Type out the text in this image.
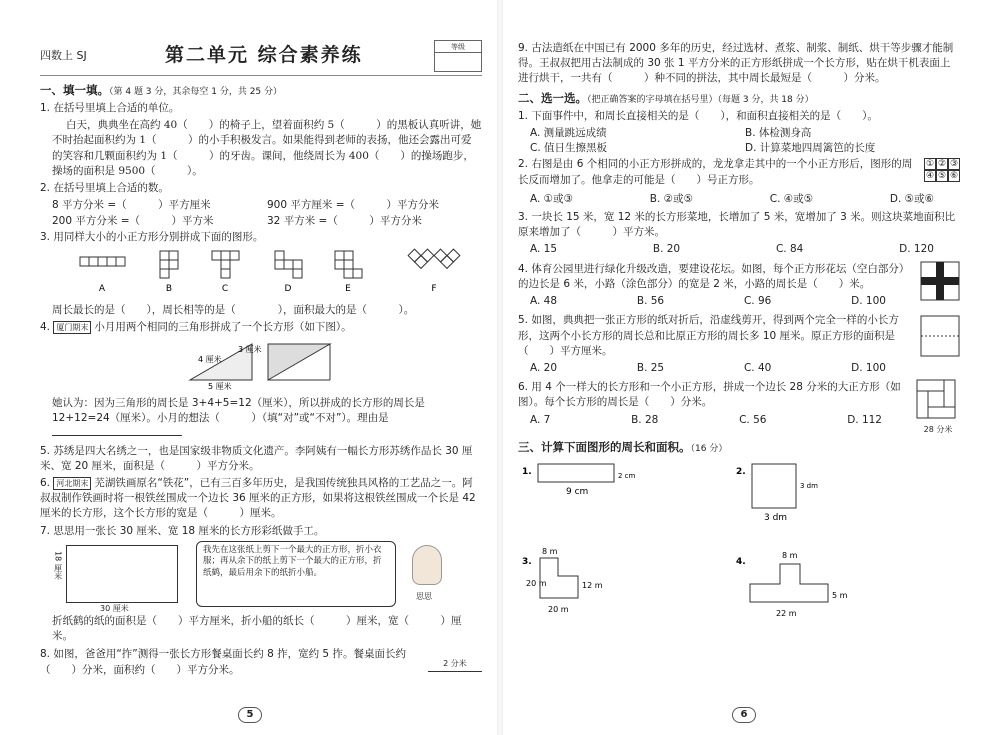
四数上 SJ	第二单元 综合素养练	等级
一、填一填。（第 4 题 3 分，其余每空 1 分，共 25 分）
1. 在括号里填上合适的单位。
白天，典典坐在高约 40（　　）的椅子上，望着面积约 5（　　　）的黑板认真听讲，她不时抬起面积约为 1（　　　）的小手积极发言。如果能得到老师的表扬，他还会露出可爱的笑容和几颗面积约为 1（　　　）的牙齿。课间，他绕周长为 400（　　）的操场跑步，操场的面积是 9500（　　　）。
2. 在括号里填上合适的数。
8 平方分米 =（　　　）平方厘米	900 平方厘米 =（　　　）平方分米
200 平方分米 =（　　　）平方米	32 平方米 =（　　　）平方分米
3. 用同样大小的小正方形分别拼成下面的图形。
A	B	C	D	E	F
周长最长的是（　　），周长相等的是（　　　　），面积最大的是（　　　）。
4. 厦门期末 小月用两个相同的三角形拼成了一个长方形（如下图）。
4 厘米
3 厘米
5 厘米
她认为：因为三角形的周长是 3+4+5=12（厘米），所以拼成的长方形的周长是 12+12=24（厘米）。小月的想法（　　　）（填“对”或“不对”）。理由是
5. 苏绣是四大名绣之一，也是国家级非物质文化遗产。李阿姨有一幅长方形苏绣作品长 30 厘米、宽 20 厘米，面积是（　　　）平方分米。
6. 河北期末 芜湖铁画原名“铁花”，已有三百多年历史，是我国传统独具风格的工艺品之一。阿叔叔制作铁画时将一根铁丝围成一个边长 36 厘米的正方形，如果将这根铁丝围成一个长是 42 厘米的长方形，这个长方形的宽是（　　　）厘米。
7. 思思用一张长 30 厘米、宽 18 厘米的长方形彩纸做手工。
18 厘米
30 厘米
我先在这张纸上剪下一个最大的正方形，折小衣服；再从余下的纸上剪下一个最大的正方形，折纸鹤，最后用余下的纸折小船。
思思
折纸鹤的纸的面积是（　　）平方厘米，折小船的纸长（　　　）厘米，宽（　　　）厘米。
8. 如图，爸爸用“拃”测得一张长方形餐桌面长约 8 拃，宽约 5 拃。餐桌面长约（　　）分米，面积约（　　）平方分米。	2 分米
5
9. 古法造纸在中国已有 2000 多年的历史，经过选材、煮浆、制浆、制纸、烘干等步骤才能制得。王叔叔把用古法制成的 30 张 1 平方分米的正方形纸拼成一个长方形，贴在烘干机表面上进行烘干，一共有（　　　）种不同的拼法，其中周长最短是（　　　）分米。
二、选一选。（把正确答案的字母填在括号里）（每题 3 分，共 18 分）
1. 下面事件中，和周长直接相关的是（　　），和面积直接相关的是（　　）。
A. 测量跳远成绩	B. 体检测身高
C. 值日生擦黑板	D. 计算菜地四周篱笆的长度
2. 右图是由 6 个相同的小正方形拼成的，龙龙拿走其中的一个小正方形后，图形的周长反而增加了。他拿走的可能是（　　）号正方形。
① ② ③
④ ⑤ ⑥
A. ①或③	B. ②或⑤	C. ④或⑤	D. ⑤或⑥
3. 一块长 15 米，宽 12 米的长方形菜地，长增加了 5 米，宽增加了 3 米。则这块菜地面积比原来增加了（　　　）平方米。
A. 15	B. 20	C. 84	D. 120
4. 体育公园里进行绿化升级改造，要建设花坛。如图，每个正方形花坛（空白部分）的边长是 6 米，小路（涂色部分）的宽是 2 米，小路的周长是（　　）米。
A. 48	B. 56	C. 96	D. 100
5. 如图，典典把一张正方形的纸对折后，沿虚线剪开，得到两个完全一样的小长方形，这两个小长方形的周长总和比原正方形的周长多 10 厘米。原正方形的面积是（　　）平方厘米。
A. 20	B. 25	C. 40	D. 100
6. 用 4 个一样大的长方形和一个小正方形，拼成一个边长 28 分米的大正方形（如图）。每个长方形的周长是（　　）分米。
A. 7	B. 28	C. 56	D. 112
28 分米
三、计算下面图形的周长和面积。（16 分）
1.
9 cm
2 cm	2.
3 dm
3 dm
3.
8 m
20 m	12 m
20 m
4.
8 m
22 m
5 m
6
